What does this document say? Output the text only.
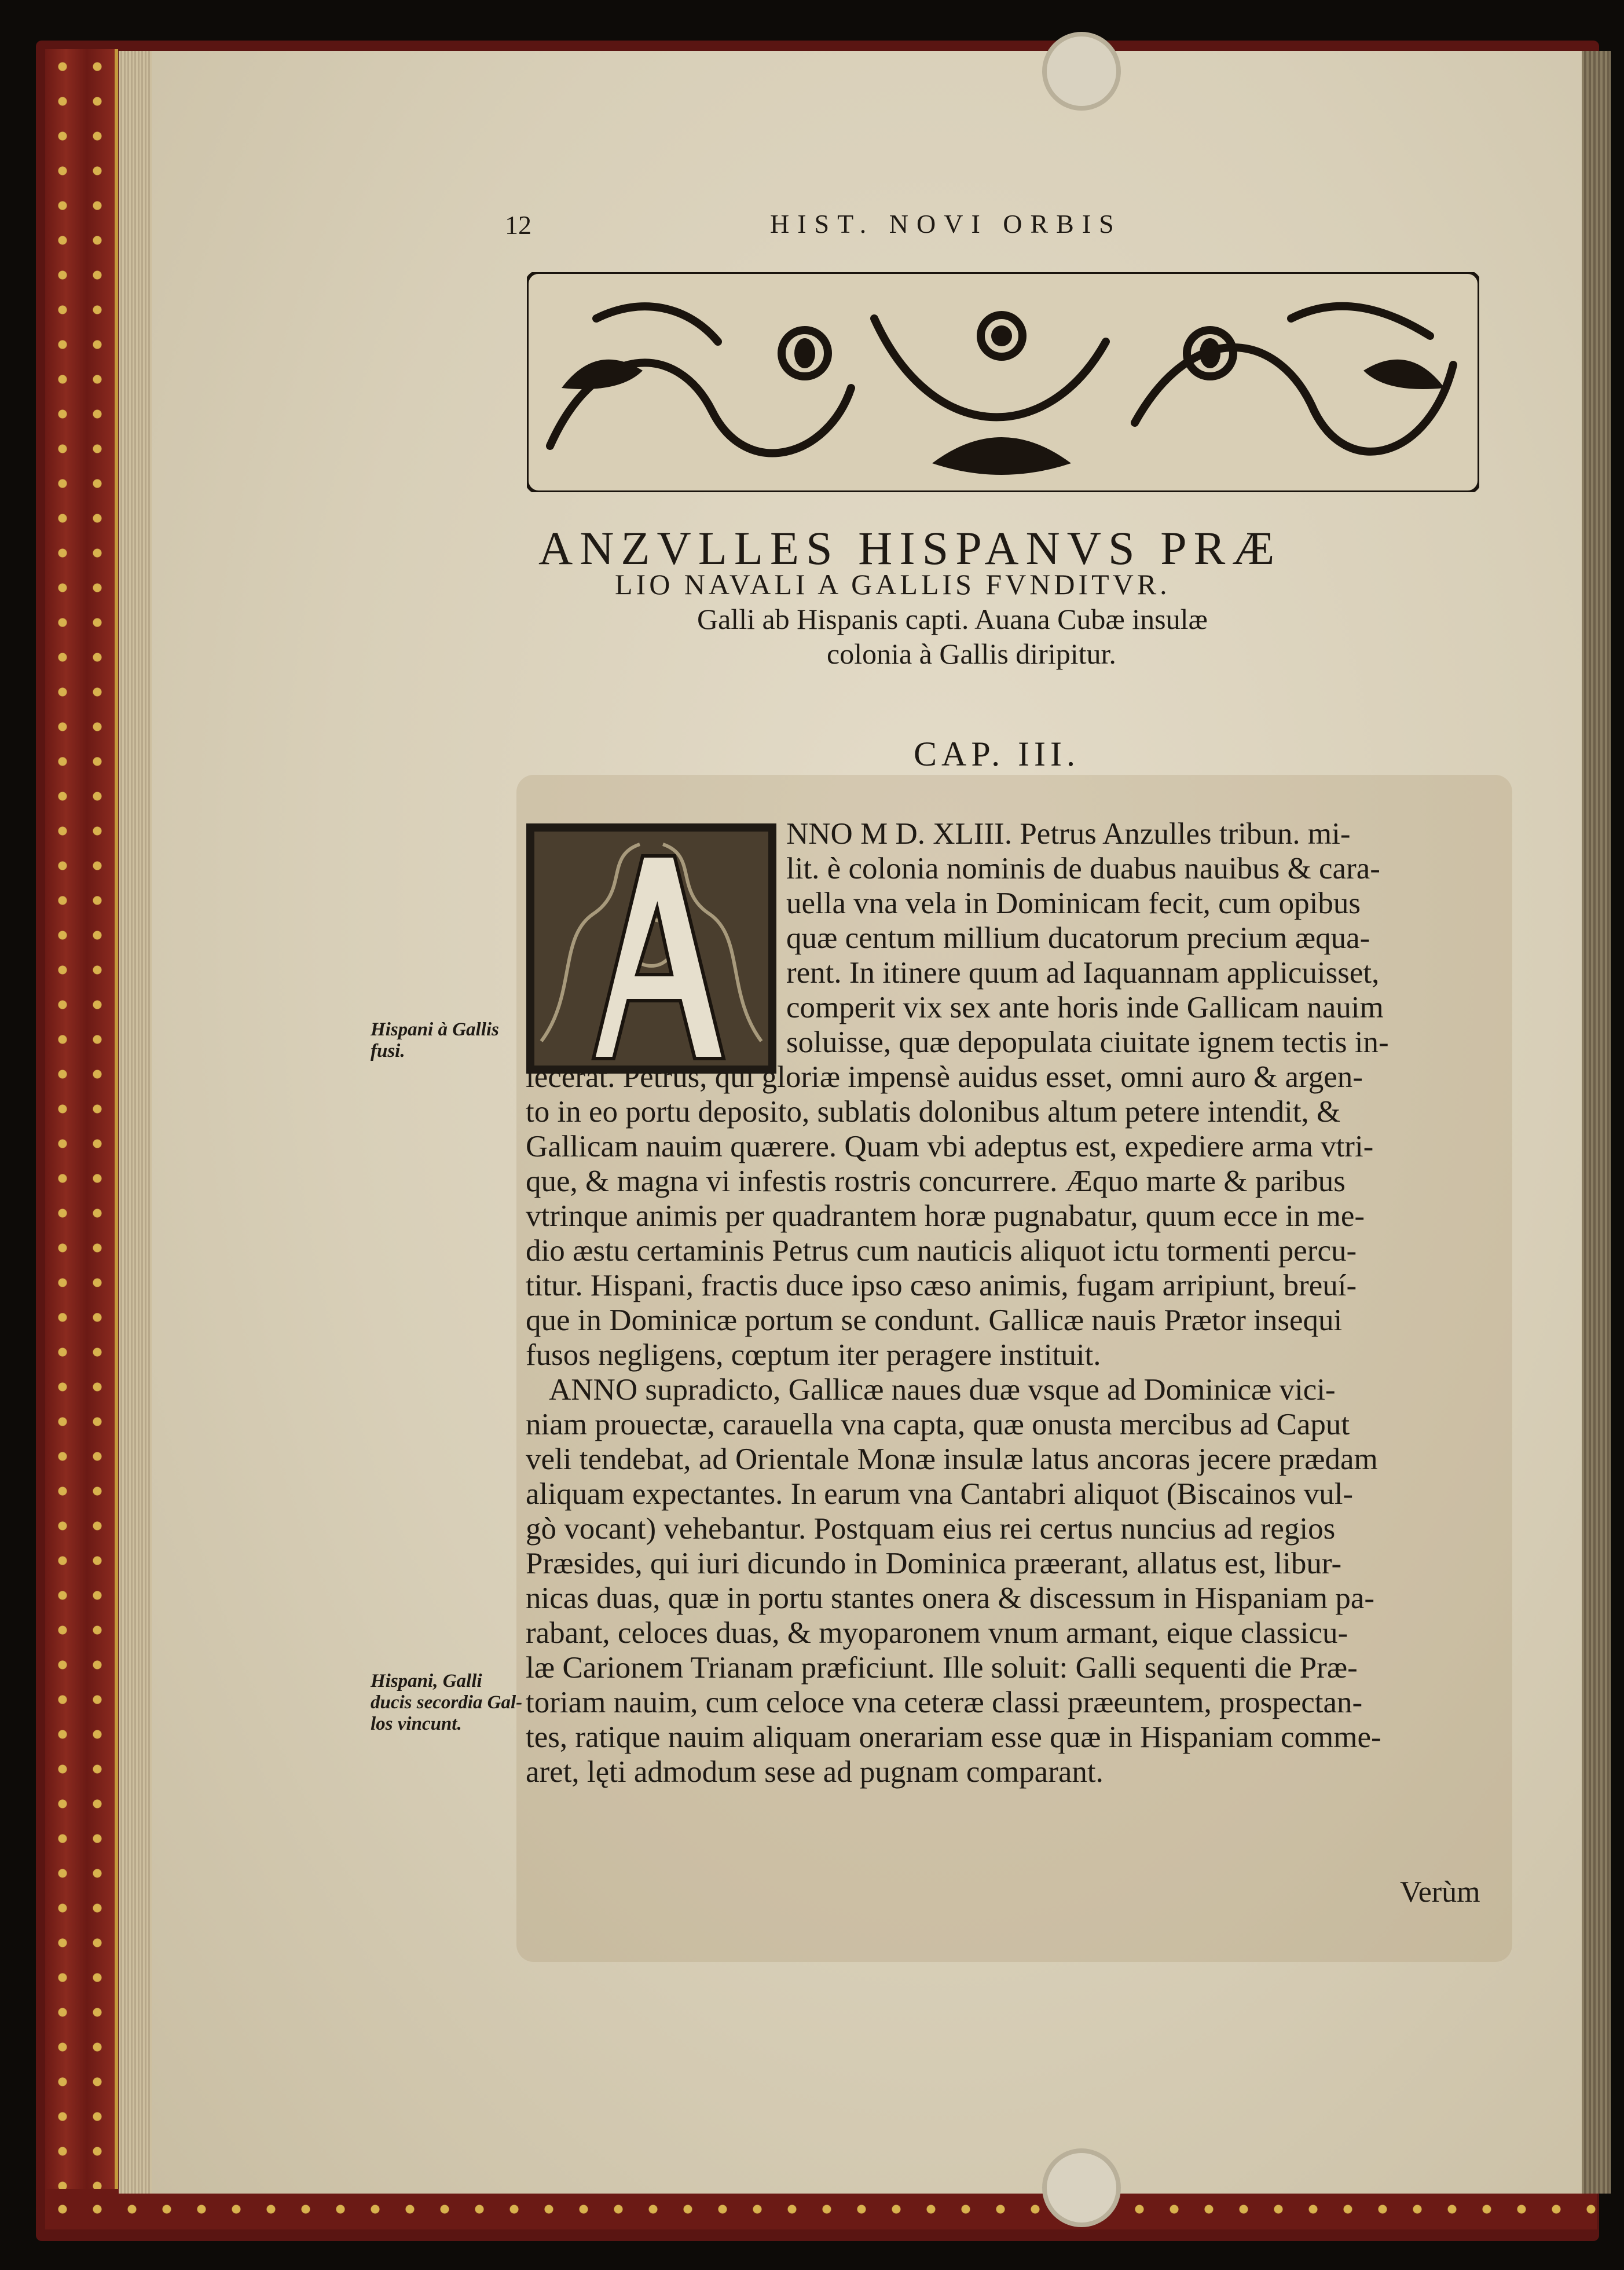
12	HIST. NOVI ORBIS
ANZVLLES HISPANVS PRÆ
LIO NAVALI A GALLIS FVNDITVR.
Galli ab Hispanis capti. Auana Cubæ insulæ
colonia à Gallis diripitur.
CAP. III.
NNO M D. XLIII. Petrus Anzulles tribun. mi-
lit. è colonia nominis de duabus nauibus & cara-
uella vna vela in Dominicam fecit, cum opibus
quæ centum millium ducatorum precium æqua-
rent. In itinere quum ad Iaquannam applicuisset,
comperit vix sex ante horis inde Gallicam nauim
soluisse, quæ depopulata ciuitate ignem tectis in-
iecerat. Petrus, qui gloriæ impensè auidus esset, omni auro & argen-
to in eo portu deposito, sublatis dolonibus altum petere intendit, &
Gallicam nauim quærere. Quam vbi adeptus est, expediere arma vtri-
que, & magna vi infestis rostris concurrere. Æquo marte & paribus
vtrinque animis per quadrantem horæ pugnabatur, quum ecce in me-
dio æstu certaminis Petrus cum nauticis aliquot ictu tormenti percu-
titur. Hispani, fractis duce ipso cæso animis, fugam arripiunt, breuí-
que in Dominicæ portum se condunt. Gallicæ nauis Prætor insequi
fusos negligens, cœptum iter peragere instituit.
ANNO supradicto, Gallicæ naues duæ vsque ad Dominicæ vici-
niam prouectæ, carauella vna capta, quæ onusta mercibus ad Caput
veli tendebat, ad Orientale Monæ insulæ latus ancoras jecere prædam
aliquam expectantes. In earum vna Cantabri aliquot (Biscainos vul-
gò vocant) vehebantur. Postquam eius rei certus nuncius ad regios
Præsides, qui iuri dicundo in Dominica præerant, allatus est, libur-
nicas duas, quæ in portu stantes onera & discessum in Hispaniam pa-
rabant, celoces duas, & myoparonem vnum armant, eique classicu-
læ Carionem Trianam præficiunt. Ille soluit: Galli sequenti die Præ-
toriam nauim, cum celoce vna ceteræ classi præeuntem, prospectan-
tes, ratique nauim aliquam onerariam esse quæ in Hispaniam commе-
aret, lęti admodum sese ad pugnam comparant.
Hispani à Gallis
fusi.
Hispani, Galli
ducis secordia Gal-
los vincunt.
Verùm
